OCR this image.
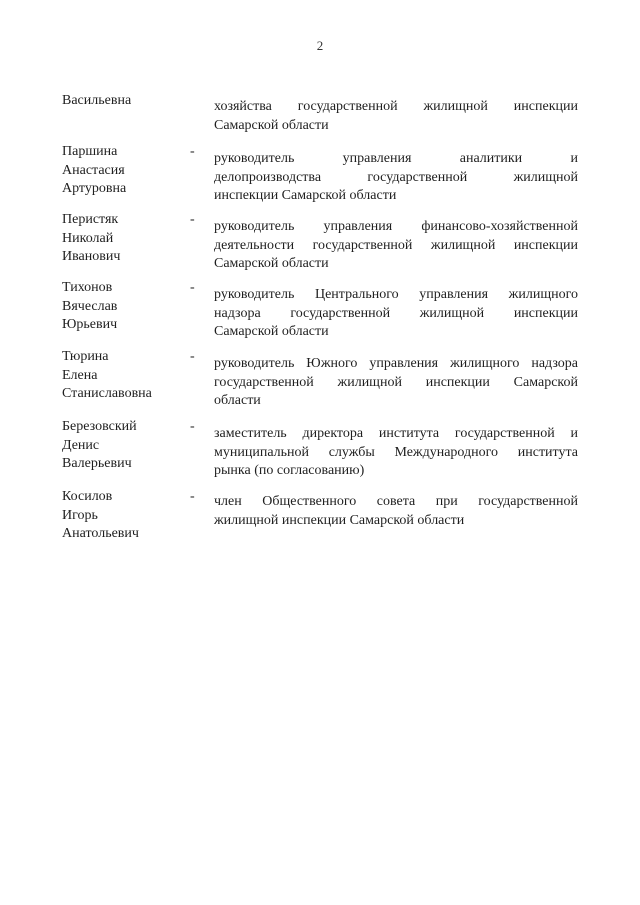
2
Васильевна	хозяйства государственной жилищной инспекции
Самарской области
Паршина
Анастасия
Артуровна
- руководитель управления аналитики и
делопроизводства государственной жилищной
инспекции Самарской области
Перистяк
Николай
Иванович
- руководитель управления финансово-хозяйственной
деятельности государственной жилищной инспекции
Самарской области
Тихонов
Вячеслав
Юрьевич
- руководитель Центрального управления жилищного
надзора государственной жилищной инспекции
Самарской области
Тюрина
Елена
Станиславовна
- руководитель Южного управления жилищного надзора
государственной жилищной инспекции Самарской
области
Березовский
Денис
Валерьевич
- заместитель директора института государственной и
муниципальной службы Международного института
рынка (по согласованию)
Косилов
Игорь
Анатольевич
- член Общественного совета при государственной
жилищной инспекции Самарской области
